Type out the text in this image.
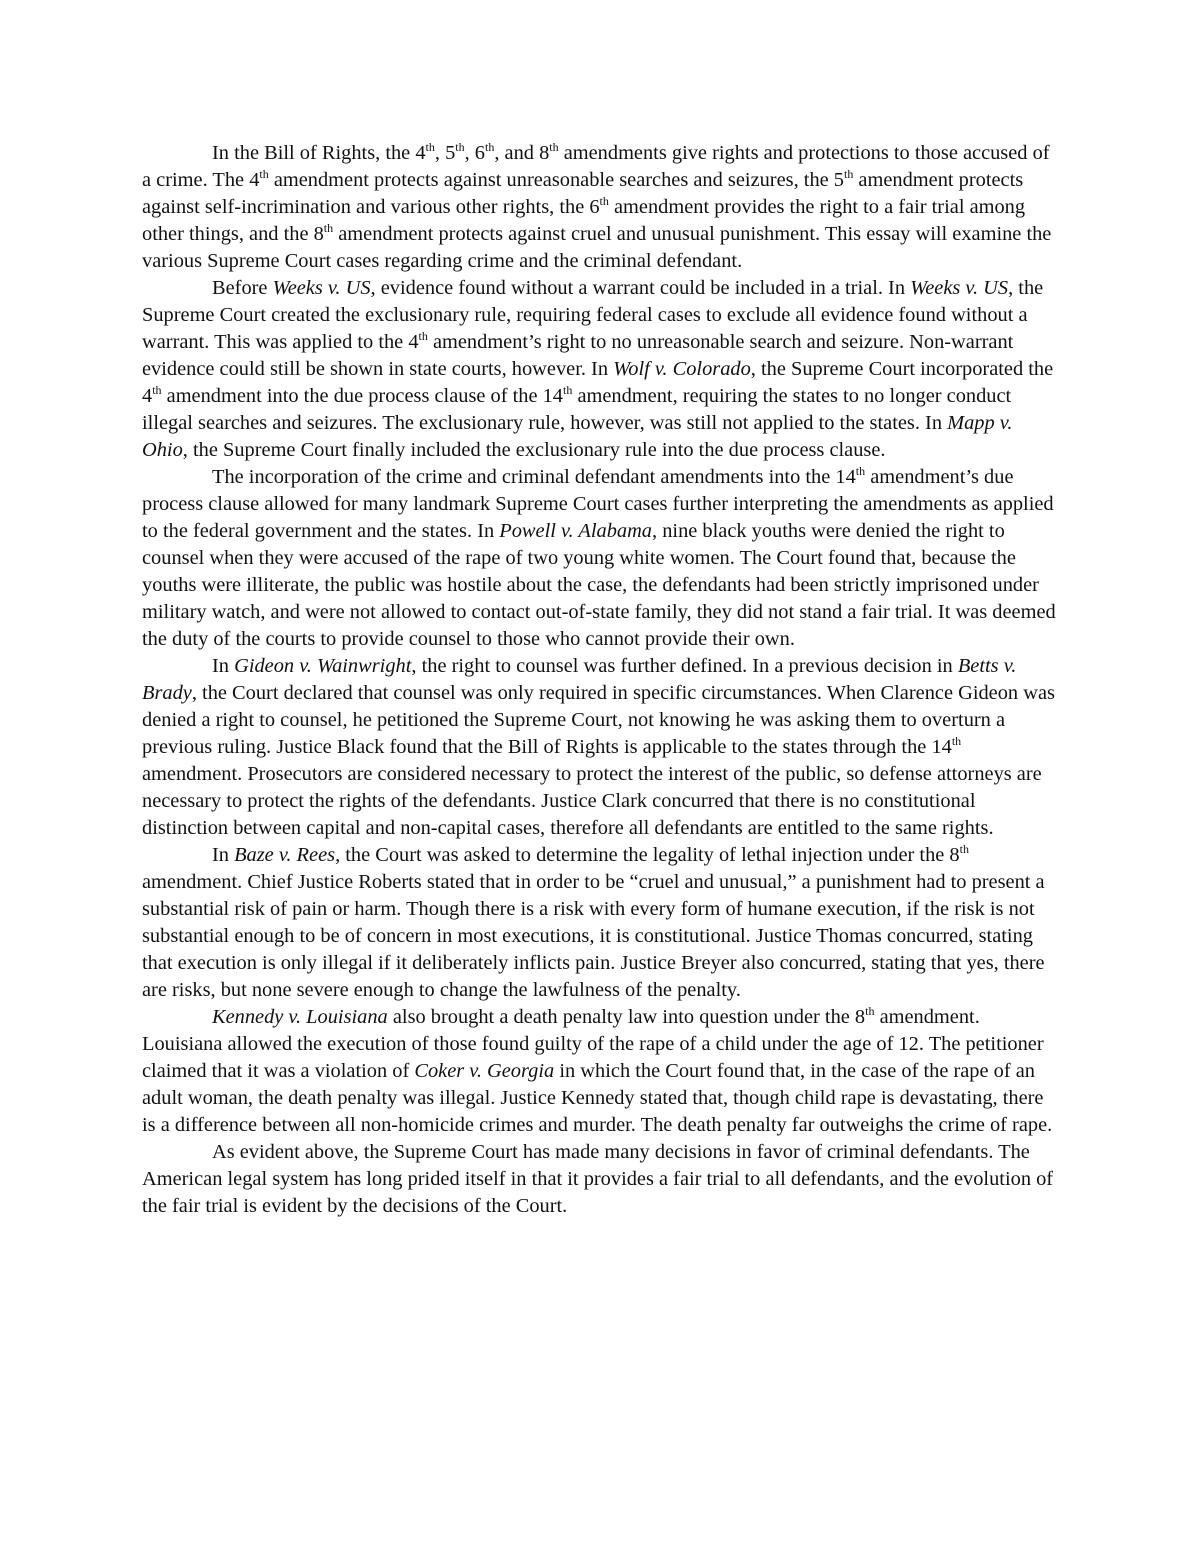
In the Bill of Rights, the 4th, 5th, 6th, and 8th amendments give rights and protections to those accused of a crime. The 4th amendment protects against unreasonable searches and seizures, the 5th amendment protects against self-incrimination and various other rights, the 6th amendment provides the right to a fair trial among other things, and the 8th amendment protects against cruel and unusual punishment. This essay will examine the various Supreme Court cases regarding crime and the criminal defendant.

Before Weeks v. US, evidence found without a warrant could be included in a trial. In Weeks v. US, the Supreme Court created the exclusionary rule, requiring federal cases to exclude all evidence found without a warrant. This was applied to the 4th amendment’s right to no unreasonable search and seizure. Non-warrant evidence could still be shown in state courts, however. In Wolf v. Colorado, the Supreme Court incorporated the 4th amendment into the due process clause of the 14th amendment, requiring the states to no longer conduct illegal searches and seizures. The exclusionary rule, however, was still not applied to the states. In Mapp v. Ohio, the Supreme Court finally included the exclusionary rule into the due process clause.

The incorporation of the crime and criminal defendant amendments into the 14th amendment’s due process clause allowed for many landmark Supreme Court cases further interpreting the amendments as applied to the federal government and the states. In Powell v. Alabama, nine black youths were denied the right to counsel when they were accused of the rape of two young white women. The Court found that, because the youths were illiterate, the public was hostile about the case, the defendants had been strictly imprisoned under military watch, and were not allowed to contact out-of-state family, they did not stand a fair trial. It was deemed the duty of the courts to provide counsel to those who cannot provide their own.

In Gideon v. Wainwright, the right to counsel was further defined. In a previous decision in Betts v. Brady, the Court declared that counsel was only required in specific circumstances. When Clarence Gideon was denied a right to counsel, he petitioned the Supreme Court, not knowing he was asking them to overturn a previous ruling. Justice Black found that the Bill of Rights is applicable to the states through the 14th amendment. Prosecutors are considered necessary to protect the interest of the public, so defense attorneys are necessary to protect the rights of the defendants. Justice Clark concurred that there is no constitutional distinction between capital and non-capital cases, therefore all defendants are entitled to the same rights.

In Baze v. Rees, the Court was asked to determine the legality of lethal injection under the 8th amendment. Chief Justice Roberts stated that in order to be “cruel and unusual,” a punishment had to present a substantial risk of pain or harm. Though there is a risk with every form of humane execution, if the risk is not substantial enough to be of concern in most executions, it is constitutional. Justice Thomas concurred, stating that execution is only illegal if it deliberately inflicts pain. Justice Breyer also concurred, stating that yes, there are risks, but none severe enough to change the lawfulness of the penalty.

Kennedy v. Louisiana also brought a death penalty law into question under the 8th amendment. Louisiana allowed the execution of those found guilty of the rape of a child under the age of 12. The petitioner claimed that it was a violation of Coker v. Georgia in which the Court found that, in the case of the rape of an adult woman, the death penalty was illegal. Justice Kennedy stated that, though child rape is devastating, there is a difference between all non-homicide crimes and murder. The death penalty far outweighs the crime of rape.

As evident above, the Supreme Court has made many decisions in favor of criminal defendants. The American legal system has long prided itself in that it provides a fair trial to all defendants, and the evolution of the fair trial is evident by the decisions of the Court.
